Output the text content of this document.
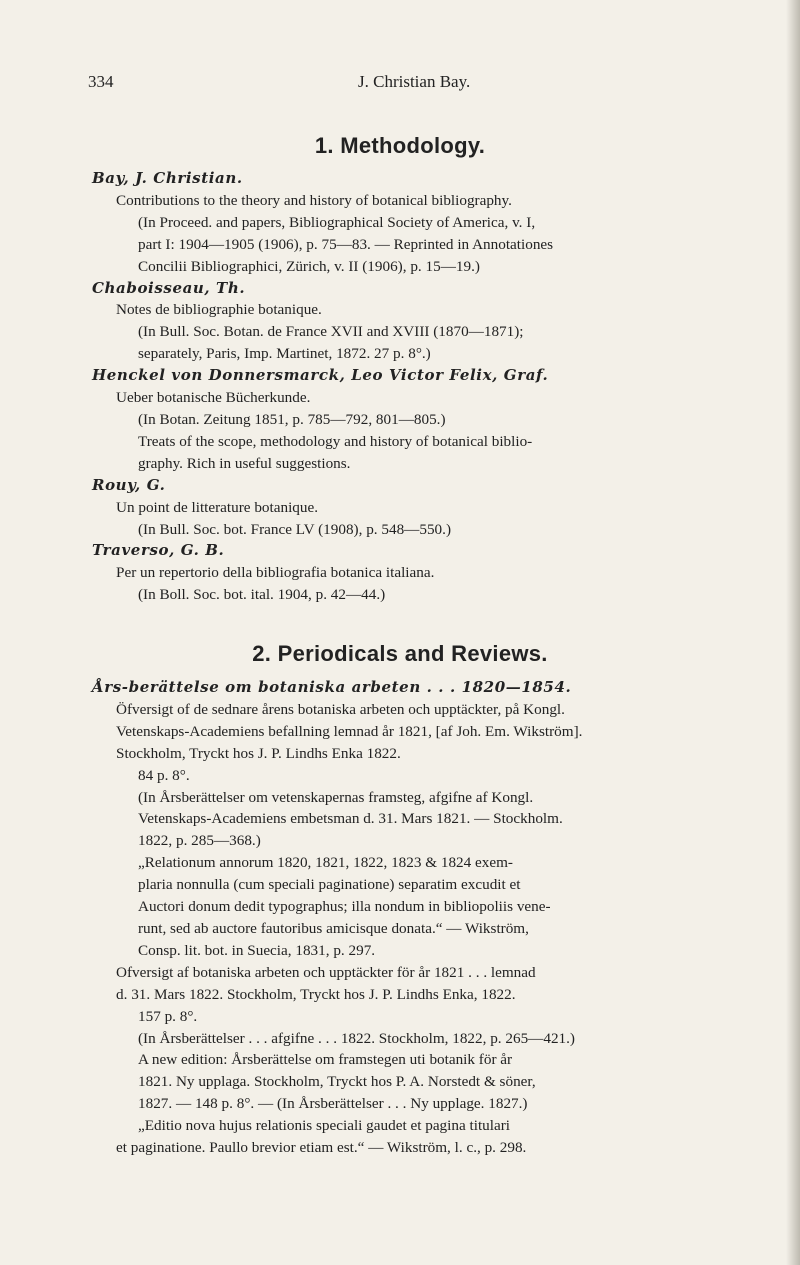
334	J. Christian Bay.
1. Methodology.
Bay, J. Christian.
Contributions to the theory and history of botanical bibliography.
(In Proceed. and papers, Bibliographical Society of America, v. I,
part I: 1904—1905 (1906), p. 75—83. — Reprinted in Annotationes
Concilii Bibliographici, Zürich, v. II (1906), p. 15—19.)
Chaboisseau, Th.
Notes de bibliographie botanique.
(In Bull. Soc. Botan. de France XVII and XVIII (1870—1871);
separately, Paris, Imp. Martinet, 1872. 27 p. 8°.)
Henckel von Donnersmarck, Leo Victor Felix, Graf.
Ueber botanische Bücherkunde.
(In Botan. Zeitung 1851, p. 785—792, 801—805.)
Treats of the scope, methodology and history of botanical biblio-
graphy. Rich in useful suggestions.
Rouy, G.
Un point de litterature botanique.
(In Bull. Soc. bot. France LV (1908), p. 548—550.)
Traverso, G. B.
Per un repertorio della bibliografia botanica italiana.
(In Boll. Soc. bot. ital. 1904, p. 42—44.)
2. Periodicals and Reviews.
Års-berättelse om botaniska arbeten . . . 1820—1854.
Öfversigt of de sednare årens botaniska arbeten och upptäckter, på Kongl.
Vetenskaps-Academiens befallning lemnad år 1821, [af Joh. Em. Wikström].
Stockholm, Tryckt hos J. P. Lindhs Enka 1822.
84 p. 8°.
(In Årsberättelser om vetenskapernas framsteg, afgifne af Kongl.
Vetenskaps-Academiens embetsman d. 31. Mars 1821. — Stockholm.
1822, p. 285—368.)
„Relationum annorum 1820, 1821, 1822, 1823 & 1824 exem-
plaria nonnulla (cum speciali paginatione) separatim excudit et
Auctori donum dedit typographus; illa nondum in bibliopoliis vene-
runt, sed ab auctore fautoribus amicisque donata.“ — Wikström,
Consp. lit. bot. in Suecia, 1831, p. 297.
Ofversigt af botaniska arbeten och upptäckter för år 1821 . . . lemnad
d. 31. Mars 1822. Stockholm, Tryckt hos J. P. Lindhs Enka, 1822.
157 p. 8°.
(In Årsberättelser . . . afgifne . . . 1822. Stockholm, 1822, p. 265—421.)
A new edition: Årsberättelse om framstegen uti botanik för år
1821. Ny upplaga. Stockholm, Tryckt hos P. A. Norstedt & söner,
1827. — 148 p. 8°. — (In Årsberättelser . . . Ny upplage. 1827.)
„Editio nova hujus relationis speciali gaudet et pagina titulari
et paginatione. Paullo brevior etiam est.“ — Wikström, l. c., p. 298.
